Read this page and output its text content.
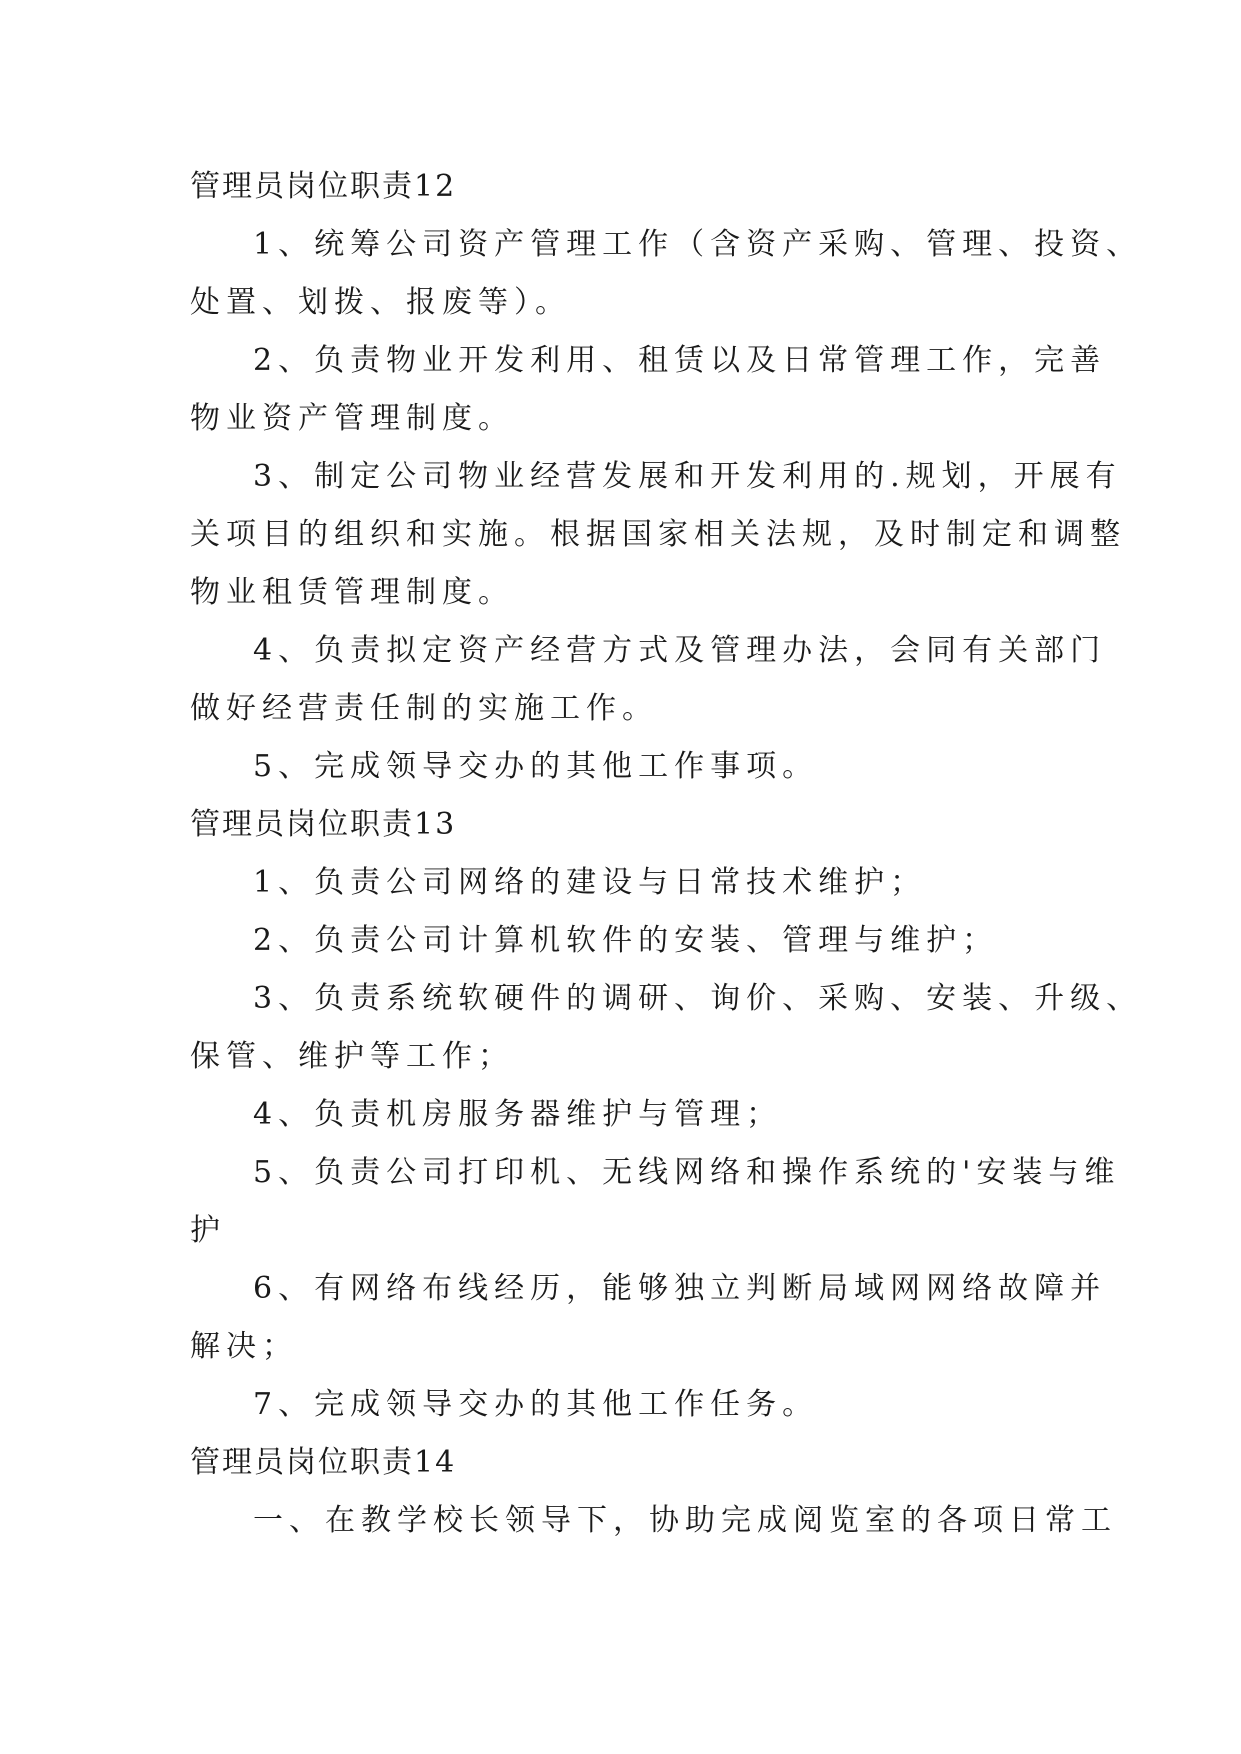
管理员岗位职责12
1、统筹公司资产管理工作（含资产采购、管理、投资、
处置、划拨、报废等）。
2、负责物业开发利用、租赁以及日常管理工作，完善
物业资产管理制度。
3、制定公司物业经营发展和开发利用的.规划，开展有
关项目的组织和实施。根据国家相关法规，及时制定和调整
物业租赁管理制度。
4、负责拟定资产经营方式及管理办法，会同有关部门
做好经营责任制的实施工作。
5、完成领导交办的其他工作事项。
管理员岗位职责13
1、负责公司网络的建设与日常技术维护；
2、负责公司计算机软件的安装、管理与维护；
3、负责系统软硬件的调研、询价、采购、安装、升级、
保管、维护等工作；
4、负责机房服务器维护与管理；
5、负责公司打印机、无线网络和操作系统的'安装与维
护
6、有网络布线经历，能够独立判断局域网网络故障并
解决；
7、完成领导交办的其他工作任务。
管理员岗位职责14
一、在教学校长领导下，协助完成阅览室的各项日常工
